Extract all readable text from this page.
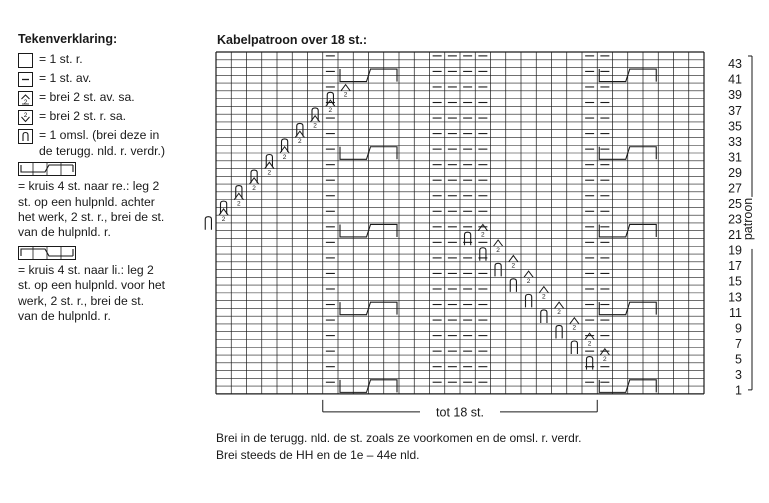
Tekenverklaring:
= 1 st. r.
= 1 st. av.
2 = brei 2 st. av. sa.
2 = brei 2 st. r. sa.
= 1 omsl. (brei deze in
de terugg. nld. r. verdr.)
= kruis 4 st. naar re.: leg 2
st. op een hulpnld. achter
het werk, 2 st. r., brei de st.
van de hulpnld. r.
= kruis 4 st. naar li.: leg 2
st. op een hulpnld. voor het
werk, 2 st. r., brei de st.
van de hulpnld. r.
Kabelpatroon over 18 st.:
2
2
2
2
2
2
2
2
2
2
2
2
2
2
2
2
2
2
43
41
39
37
35
33
31
29
27
25
23
21
19
17
15
13
11
9
7
5
3
1
patroon
tot 18 st.
Brei in de terugg. nld. de st. zoals ze voorkomen en de omsl. r. verdr.
Brei steeds de HH en de 1e – 44e nld.
